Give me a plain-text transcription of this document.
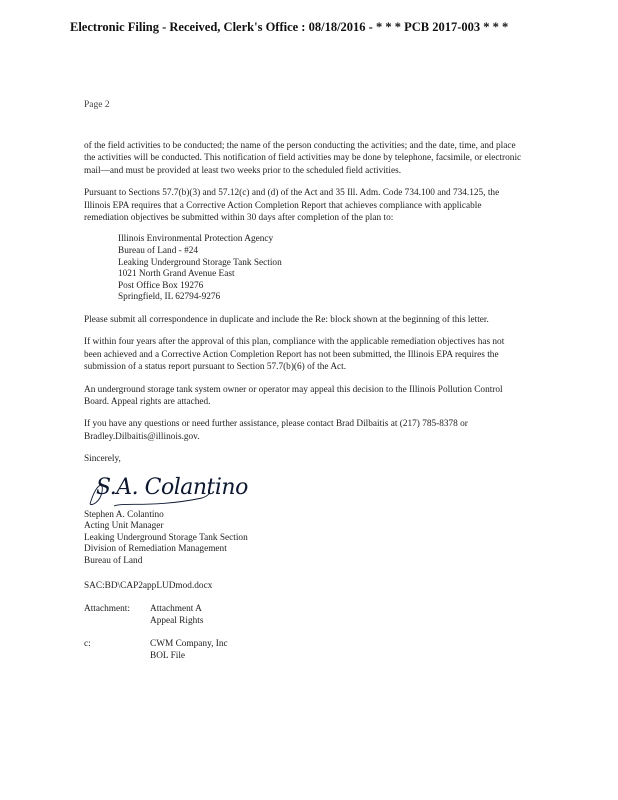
Electronic Filing - Received, Clerk's Office : 08/18/2016 - * * * PCB 2017-003 * * *
Page 2

of the field activities to be conducted; the name of the person conducting the activities; and the date, time, and place the activities will be conducted. This notification of field activities may be done by telephone, facsimile, or electronic mail—and must be provided at least two weeks prior to the scheduled field activities.

Pursuant to Sections 57.7(b)(3) and 57.12(c) and (d) of the Act and 35 Ill. Adm. Code 734.100 and 734.125, the Illinois EPA requires that a Corrective Action Completion Report that achieves compliance with applicable remediation objectives be submitted within 30 days after completion of the plan to:

Illinois Environmental Protection Agency
Bureau of Land - #24
Leaking Underground Storage Tank Section
1021 North Grand Avenue East
Post Office Box 19276
Springfield, IL 62794-9276

Please submit all correspondence in duplicate and include the Re: block shown at the beginning of this letter.

If within four years after the approval of this plan, compliance with the applicable remediation objectives has not been achieved and a Corrective Action Completion Report has not been submitted, the Illinois EPA requires the submission of a status report pursuant to Section 57.7(b)(6) of the Act.

An underground storage tank system owner or operator may appeal this decision to the Illinois Pollution Control Board. Appeal rights are attached.

If you have any questions or need further assistance, please contact Brad Dilbaitis at (217) 785-8378 or Bradley.Dilbaitis@illinois.gov.

Sincerely,

S.A. Colantino
Stephen A. Colantino
Acting Unit Manager
Leaking Underground Storage Tank Section
Division of Remediation Management
Bureau of Land
SAC:BD\CAP2appLUDmod.docx
Attachment:	Attachment A
Appeal Rights
c:	CWM Company, Inc
BOL File
